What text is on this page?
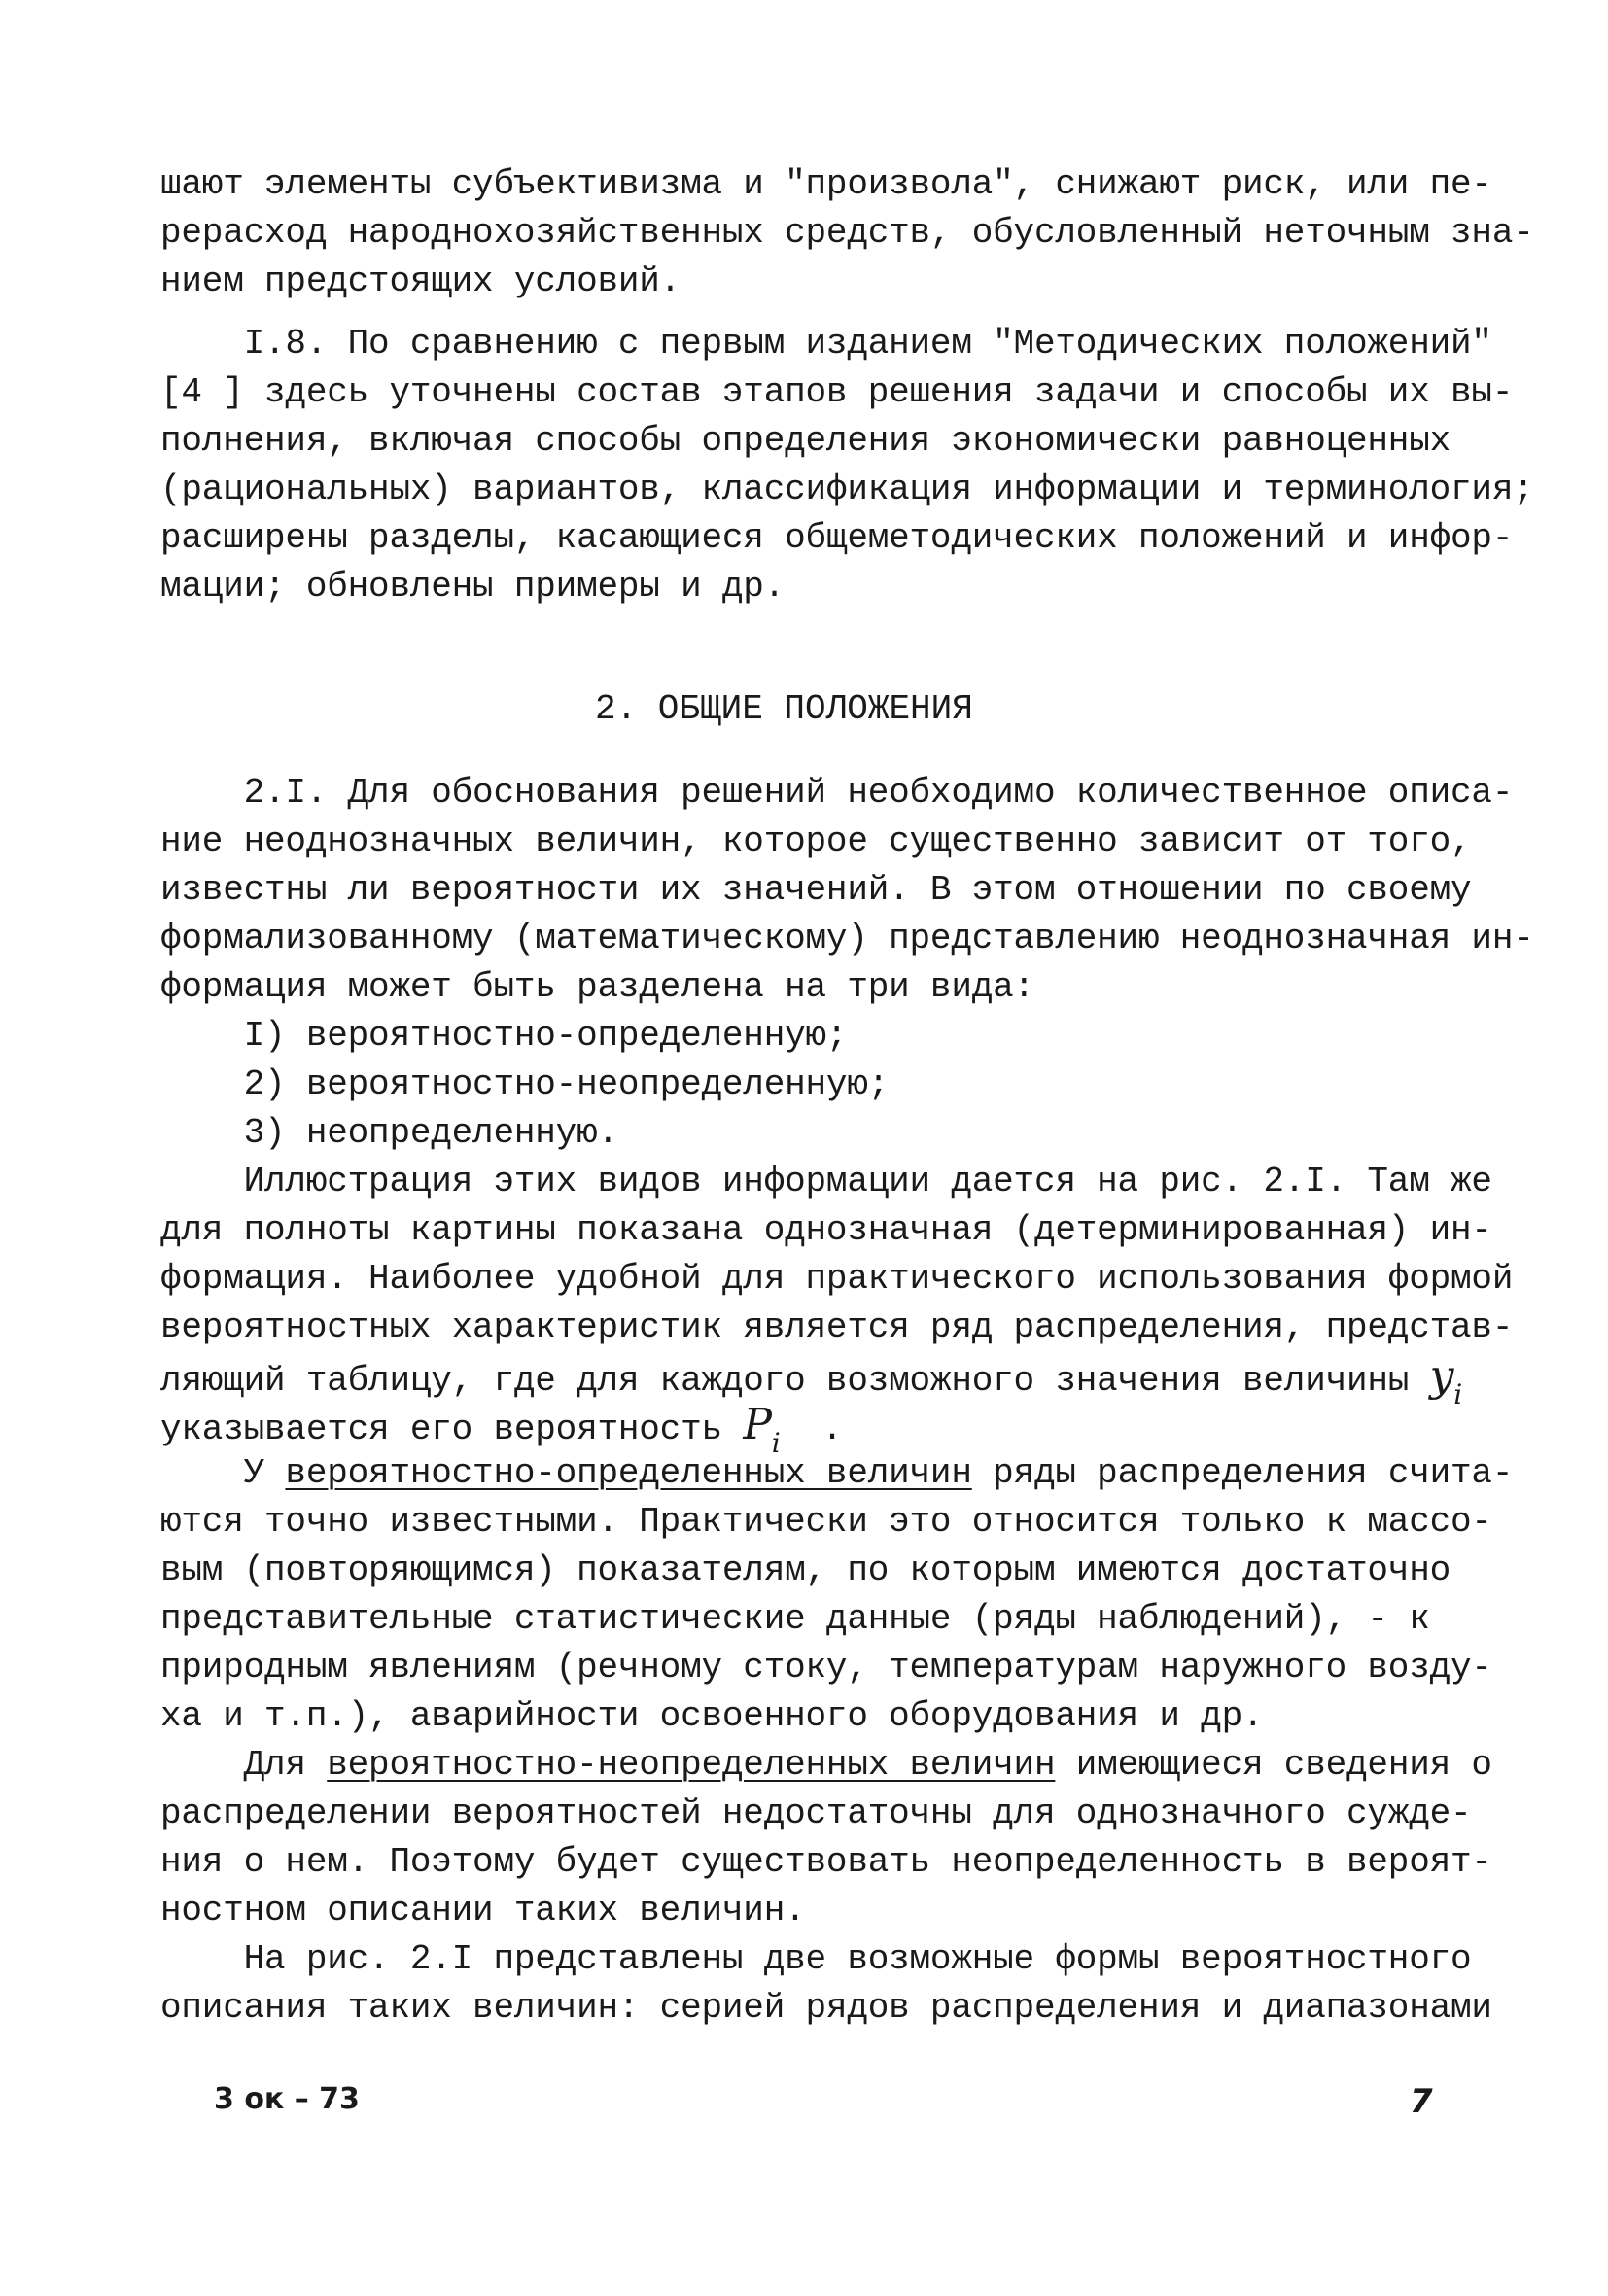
шают элементы субъективизма и "произвола", снижают риск, или пе-
рерасход народнохозяйственных средств, обусловленный неточным зна-
нием предстоящих условий.
I.8. По сравнению с первым изданием "Методических положений"
[4 ] здесь уточнены состав этапов решения задачи и способы их вы-
полнения, включая способы определения экономически равноценных
(рациональных) вариантов, классификация информации и терминология;
расширены разделы, касающиеся общеметодических положений и инфор-
мации; обновлены примеры и др.
2. ОБЩИЕ ПОЛОЖЕНИЯ
2.I. Для обоснования решений необходимо количественное описа-
ние неоднозначных величин, которое существенно зависит от того,
известны ли вероятности их значений. В этом отношении по своему
формализованному (математическому) представлению неоднозначная ин-
формация может быть разделена на три вида:
I) вероятностно-определенную;
2) вероятностно-неопределенную;
3) неопределенную.
Иллюстрация этих видов информации дается на рис. 2.I. Там же
для полноты картины показана однозначная (детерминированная) ин-
формация. Наиболее удобной для практического использования формой
вероятностных характеристик является ряд распределения, представ-
ляющий таблицу, где для каждого возможного значения величины $y_i$
указывается его вероятность $P_i$  .
У вероятностно-определенных величин ряды распределения счита-
ются точно известными. Практически это относится только к массо-
вым (повторяющимся) показателям, по которым имеются достаточно
представительные статистические данные (ряды наблюдений), - к
природным явлениям (речному стоку, температурам наружного возду-
ха и т.п.), аварийности освоенного оборудования и др.
Для вероятностно-неопределенных величин имеющиеся сведения о
распределении вероятностей недостаточны для однозначного сужде-
ния о нем. Поэтому будет существовать неопределенность в вероят-
ностном описании таких величин.
На рис. 2.I представлены две возможные формы вероятностного
описания таких величин: серией рядов распределения и диапазонами
3 ок – 73	7
